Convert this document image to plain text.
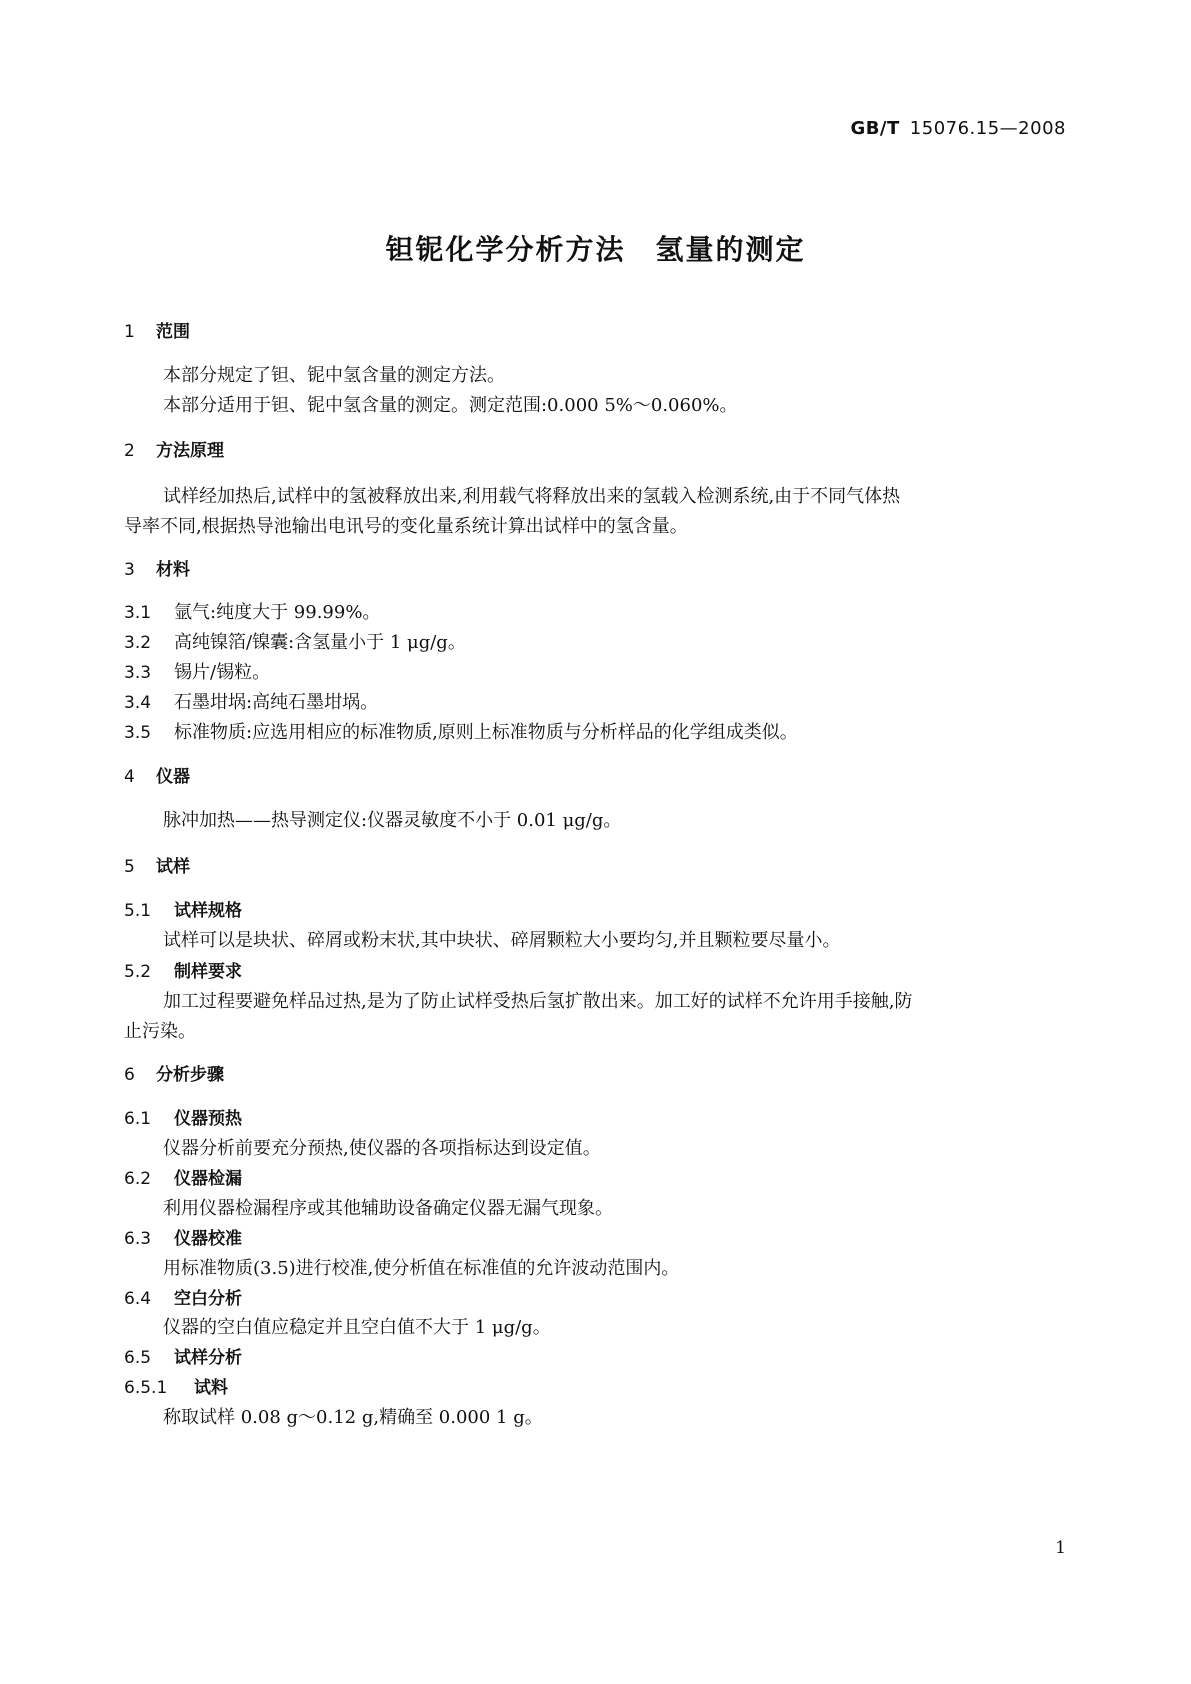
GB/T 15076.15—2008
钽铌化学分析方法　氢量的测定
1 范围
本部分规定了钽、铌中氢含量的测定方法。
本部分适用于钽、铌中氢含量的测定。测定范围:0.000 5%～0.060%。
2 方法原理
试样经加热后,试样中的氢被释放出来,利用载气将释放出来的氢载入检测系统,由于不同气体热
导率不同,根据热导池输出电讯号的变化量系统计算出试样中的氢含量。
3 材料
3.1 氩气:纯度大于 99.99%。
3.2 高纯镍箔/镍囊:含氢量小于 1 μg/g。
3.3 锡片/锡粒。
3.4 石墨坩埚:高纯石墨坩埚。
3.5 标准物质:应选用相应的标准物质,原则上标准物质与分析样品的化学组成类似。
4 仪器
脉冲加热——热导测定仪:仪器灵敏度不小于 0.01 μg/g。
5 试样
5.1 试样规格
试样可以是块状、碎屑或粉末状,其中块状、碎屑颗粒大小要均匀,并且颗粒要尽量小。
5.2 制样要求
加工过程要避免样品过热,是为了防止试样受热后氢扩散出来。加工好的试样不允许用手接触,防
止污染。
6 分析步骤
6.1 仪器预热
仪器分析前要充分预热,使仪器的各项指标达到设定值。
6.2 仪器检漏
利用仪器检漏程序或其他辅助设备确定仪器无漏气现象。
6.3 仪器校准
用标准物质(3.5)进行校准,使分析值在标准值的允许波动范围内。
6.4 空白分析
仪器的空白值应稳定并且空白值不大于 1 μg/g。
6.5 试样分析
6.5.1 试料
称取试样 0.08 g～0.12 g,精确至 0.000 1 g。
1
